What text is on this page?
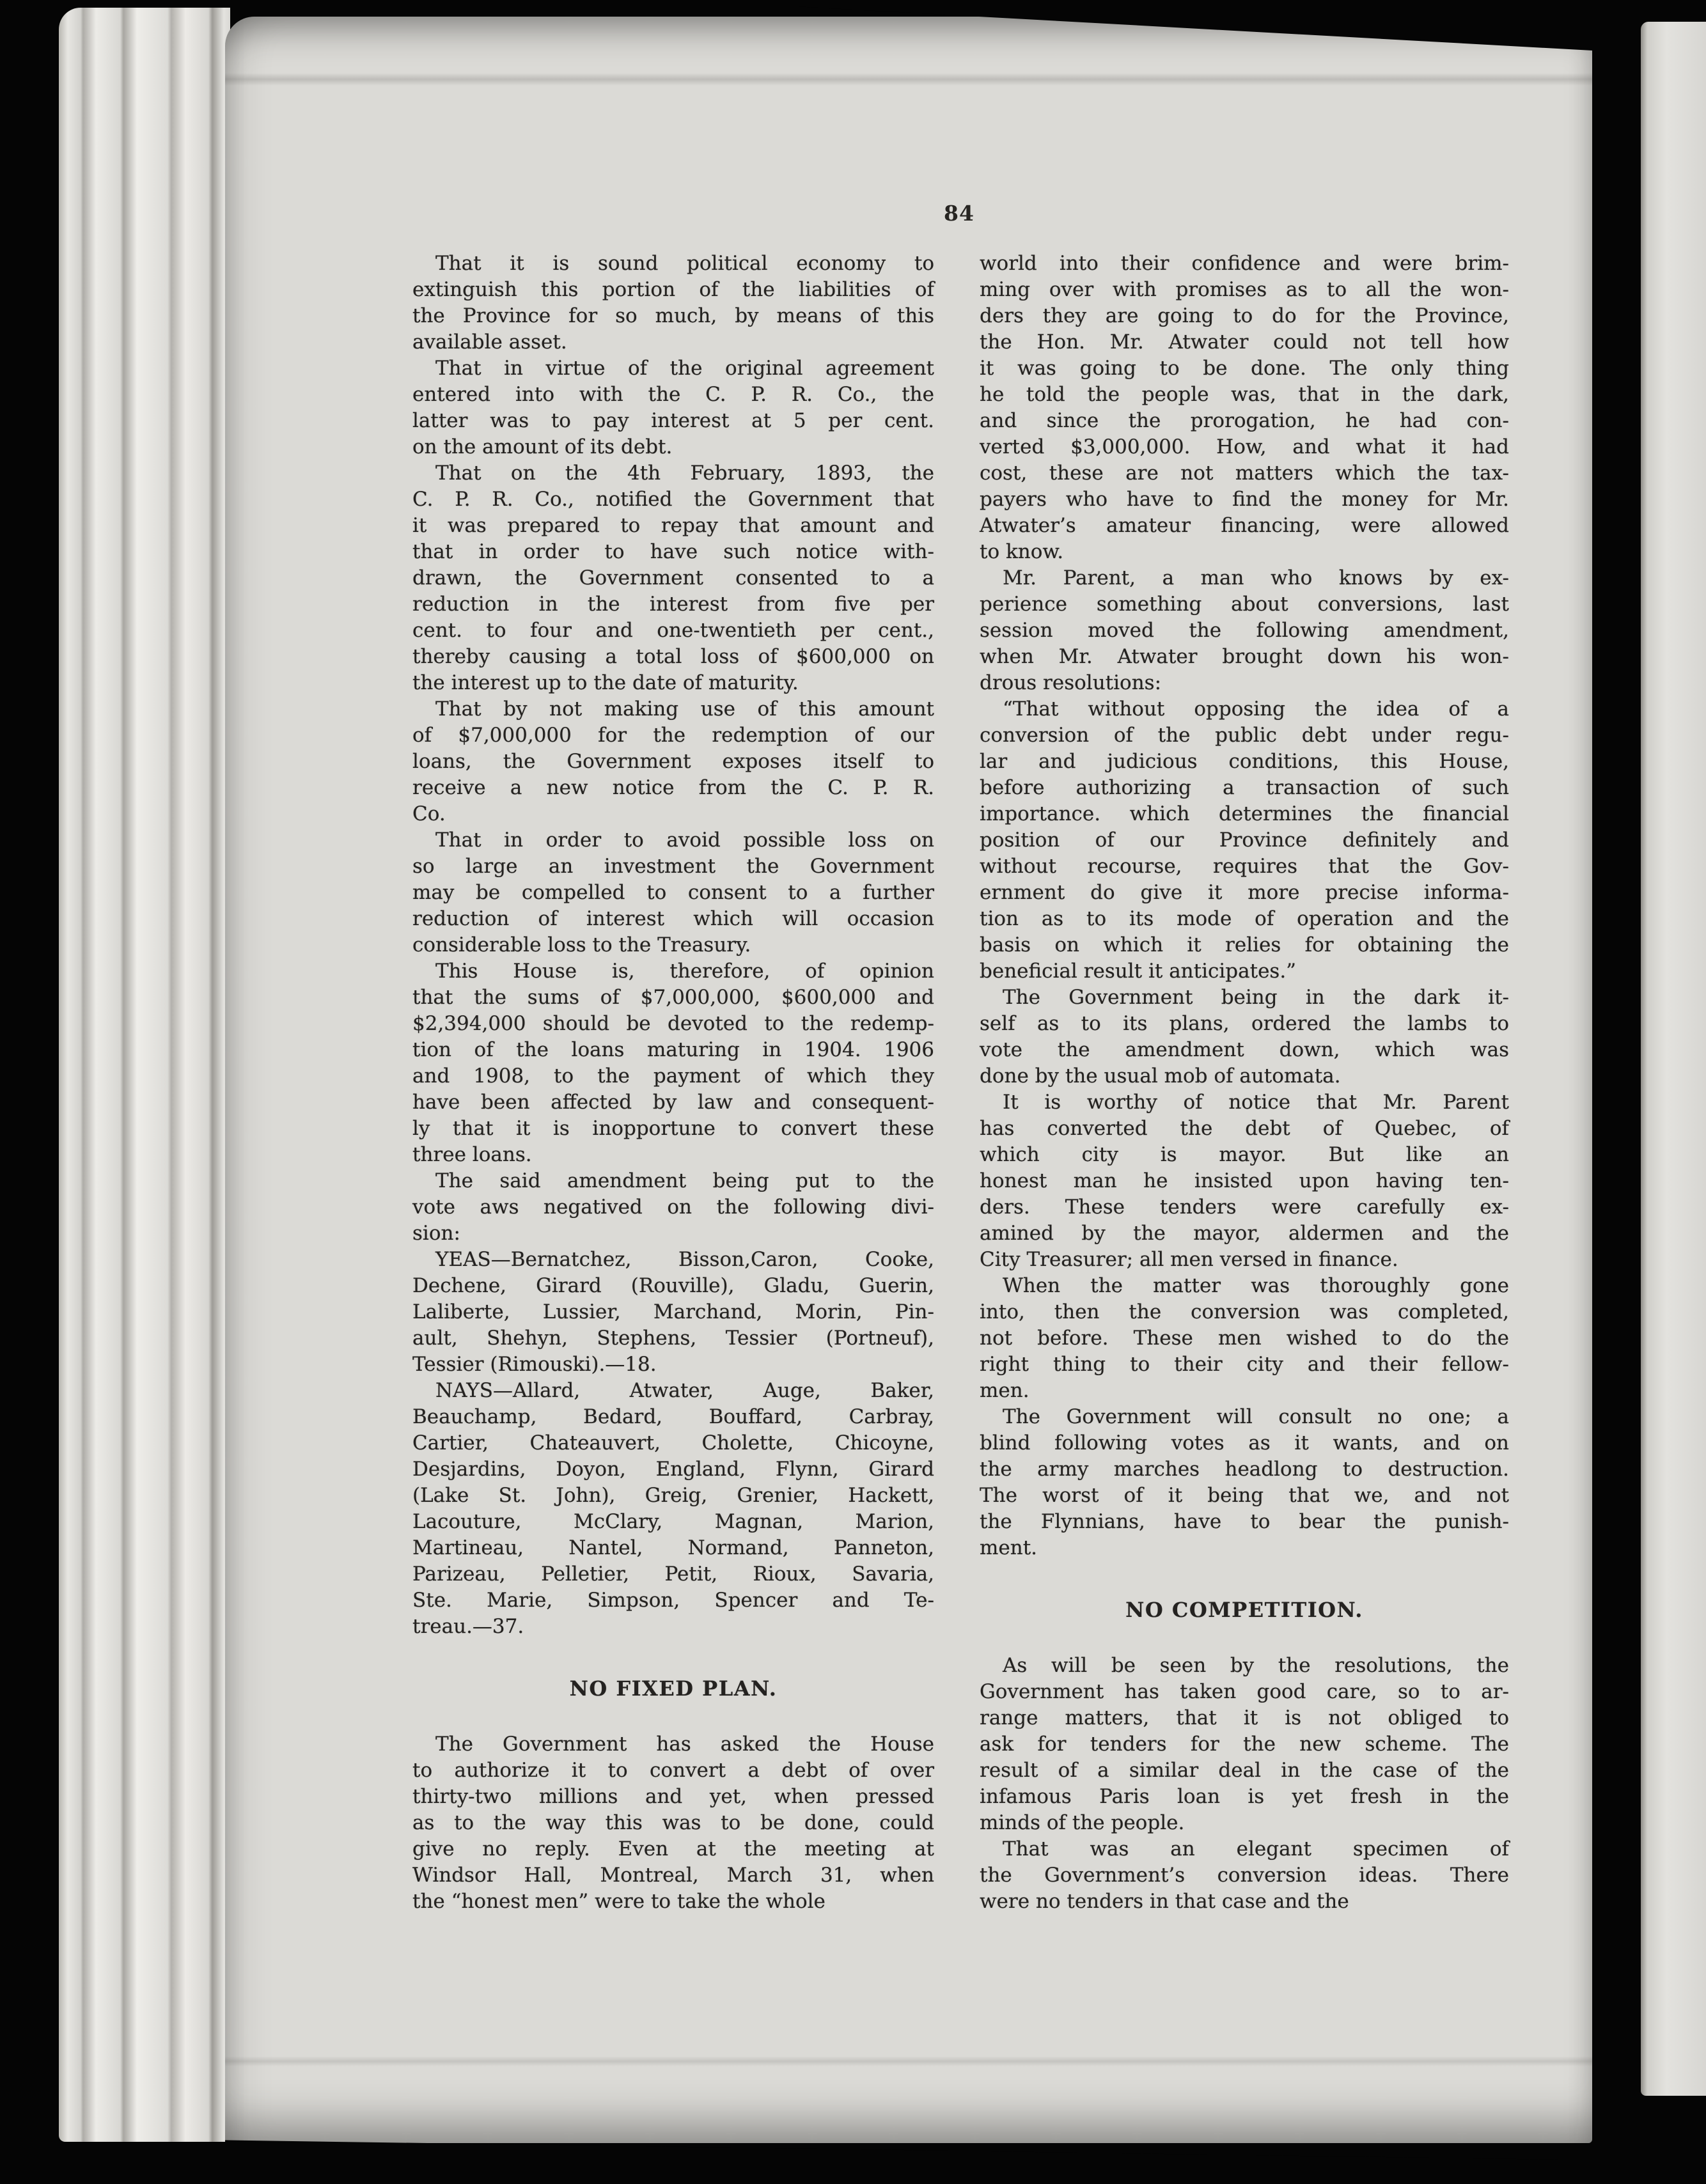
84
That it is sound political economy to
extinguish this portion of the liabilities of
the Province for so much, by means of this
available asset.
That in virtue of the original agreement
entered into with the C. P. R. Co., the
latter was to pay interest at 5 per cent.
on the amount of its debt.
That on the 4th February, 1893, the
C. P. R. Co., notified the Government that
it was prepared to repay that amount and
that in order to have such notice with-
drawn, the Government consented to a
reduction in the interest from five per
cent. to four and one-twentieth per cent.,
thereby causing a total loss of $600,000 on
the interest up to the date of maturity.
That by not making use of this amount
of $7,000,000 for the redemption of our
loans, the Government exposes itself to
receive a new notice from the C. P. R.
Co.
That in order to avoid possible loss on
so large an investment the Government
may be compelled to consent to a further
reduction of interest which will occasion
considerable loss to the Treasury.
This House is, therefore, of opinion
that the sums of $7,000,000, $600,000 and
$2,394,000 should be devoted to the redemp-
tion of the loans maturing in 1904. 1906
and 1908, to the payment of which they
have been affected by law and consequent-
ly that it is inopportune to convert these
three loans.
The said amendment being put to the
vote aws negatived on the following divi-
sion:
YEAS—Bernatchez, Bisson,Caron, Cooke,
Dechene, Girard (Rouville), Gladu, Guerin,
Laliberte, Lussier, Marchand, Morin, Pin-
ault, Shehyn, Stephens, Tessier (Portneuf),
Tessier (Rimouski).—18.
NAYS—Allard, Atwater, Auge, Baker,
Beauchamp, Bedard, Bouffard, Carbray,
Cartier, Chateauvert, Cholette, Chicoyne,
Desjardins, Doyon, England, Flynn, Girard
(Lake St. John), Greig, Grenier, Hackett,
Lacouture, McClary, Magnan, Marion,
Martineau, Nantel, Normand, Panneton,
Parizeau, Pelletier, Petit, Rioux, Savaria,
Ste. Marie, Simpson, Spencer and Te-
treau.—37.
NO FIXED PLAN.
The Government has asked the House
to authorize it to convert a debt of over
thirty-two millions and yet, when pressed
as to the way this was to be done, could
give no reply. Even at the meeting at
Windsor Hall, Montreal, March 31, when
the “honest men” were to take the whole
world into their confidence and were brim-
ming over with promises as to all the won-
ders they are going to do for the Province,
the Hon. Mr. Atwater could not tell how
it was going to be done. The only thing
he told the people was, that in the dark,
and since the prorogation, he had con-
verted $3,000,000. How, and what it had
cost, these are not matters which the tax-
payers who have to find the money for Mr.
Atwater’s amateur financing, were allowed
to know.
Mr. Parent, a man who knows by ex-
perience something about conversions, last
session moved the following amendment,
when Mr. Atwater brought down his won-
drous resolutions:
“That without opposing the idea of a
conversion of the public debt under regu-
lar and judicious conditions, this House,
before authorizing a transaction of such
importance. which determines the financial
position of our Province definitely and
without recourse, requires that the Gov-
ernment do give it more precise informa-
tion as to its mode of operation and the
basis on which it relies for obtaining the
beneficial result it anticipates.”
The Government being in the dark it-
self as to its plans, ordered the lambs to
vote the amendment down, which was
done by the usual mob of automata.
It is worthy of notice that Mr. Parent
has converted the debt of Quebec, of
which city is mayor. But like an
honest man he insisted upon having ten-
ders. These tenders were carefully ex-
amined by the mayor, aldermen and the
City Treasurer; all men versed in finance.
When the matter was thoroughly gone
into, then the conversion was completed,
not before. These men wished to do the
right thing to their city and their fellow-
men.
The Government will consult no one; a
blind following votes as it wants, and on
the army marches headlong to destruction.
The worst of it being that we, and not
the Flynnians, have to bear the punish-
ment.
NO COMPETITION.
As will be seen by the resolutions, the
Government has taken good care, so to ar-
range matters, that it is not obliged to
ask for tenders for the new scheme. The
result of a similar deal in the case of the
infamous Paris loan is yet fresh in the
minds of the people.
That was an elegant specimen of
the Government’s conversion ideas. There
were no tenders in that case and the
